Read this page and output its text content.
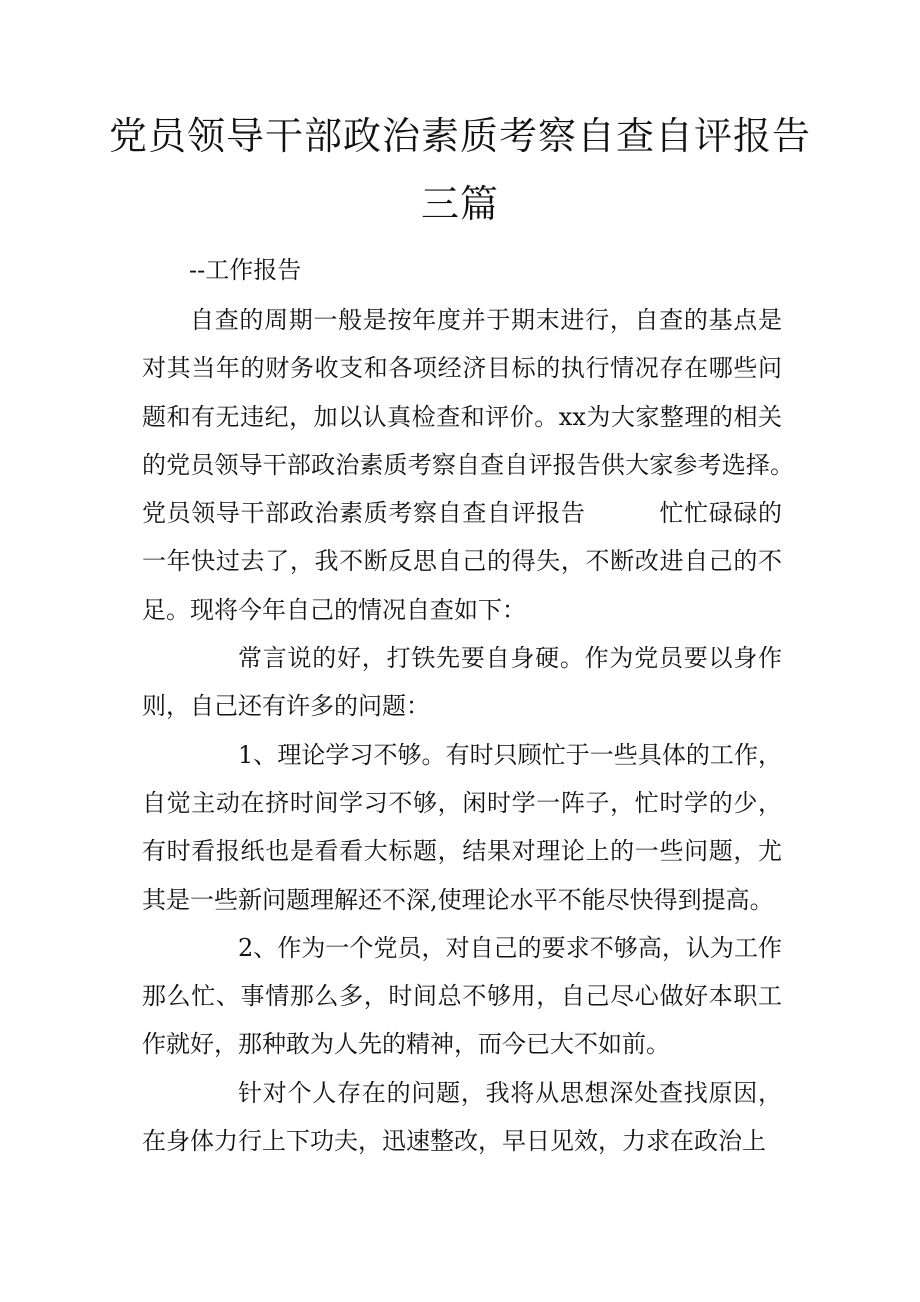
党员领导干部政治素质考察自查自评报告
三篇
--工作报告

自查的周期一般是按年度并于期末进行，自查的基点是对其当年的财务收支和各项经济目标的执行情况存在哪些问题和有无违纪，加以认真检查和评价。xx为大家整理的相关的党员领导干部政治素质考察自查自评报告供大家参考选择。　　　党员领导干部政治素质考察自查自评报告　　　忙忙碌碌的一年快过去了，我不断反思自己的得失，不断改进自己的不足。现将今年自己的情况自查如下：

常言说的好，打铁先要自身硬。作为党员要以身作则，自己还有许多的问题：

1、理论学习不够。有时只顾忙于一些具体的工作，自觉主动在挤时间学习不够，闲时学一阵子，忙时学的少，有时看报纸也是看看大标题，结果对理论上的一些问题，尤其是一些新问题理解还不深,使理论水平不能尽快得到提高。

2、作为一个党员，对自己的要求不够高，认为工作那么忙、事情那么多，时间总不够用，自己尽心做好本职工作就好，那种敢为人先的精神，而今已大不如前。

针对个人存在的问题，我将从思想深处查找原因，在身体力行上下功夫，迅速整改，早日见效，力求在政治上
